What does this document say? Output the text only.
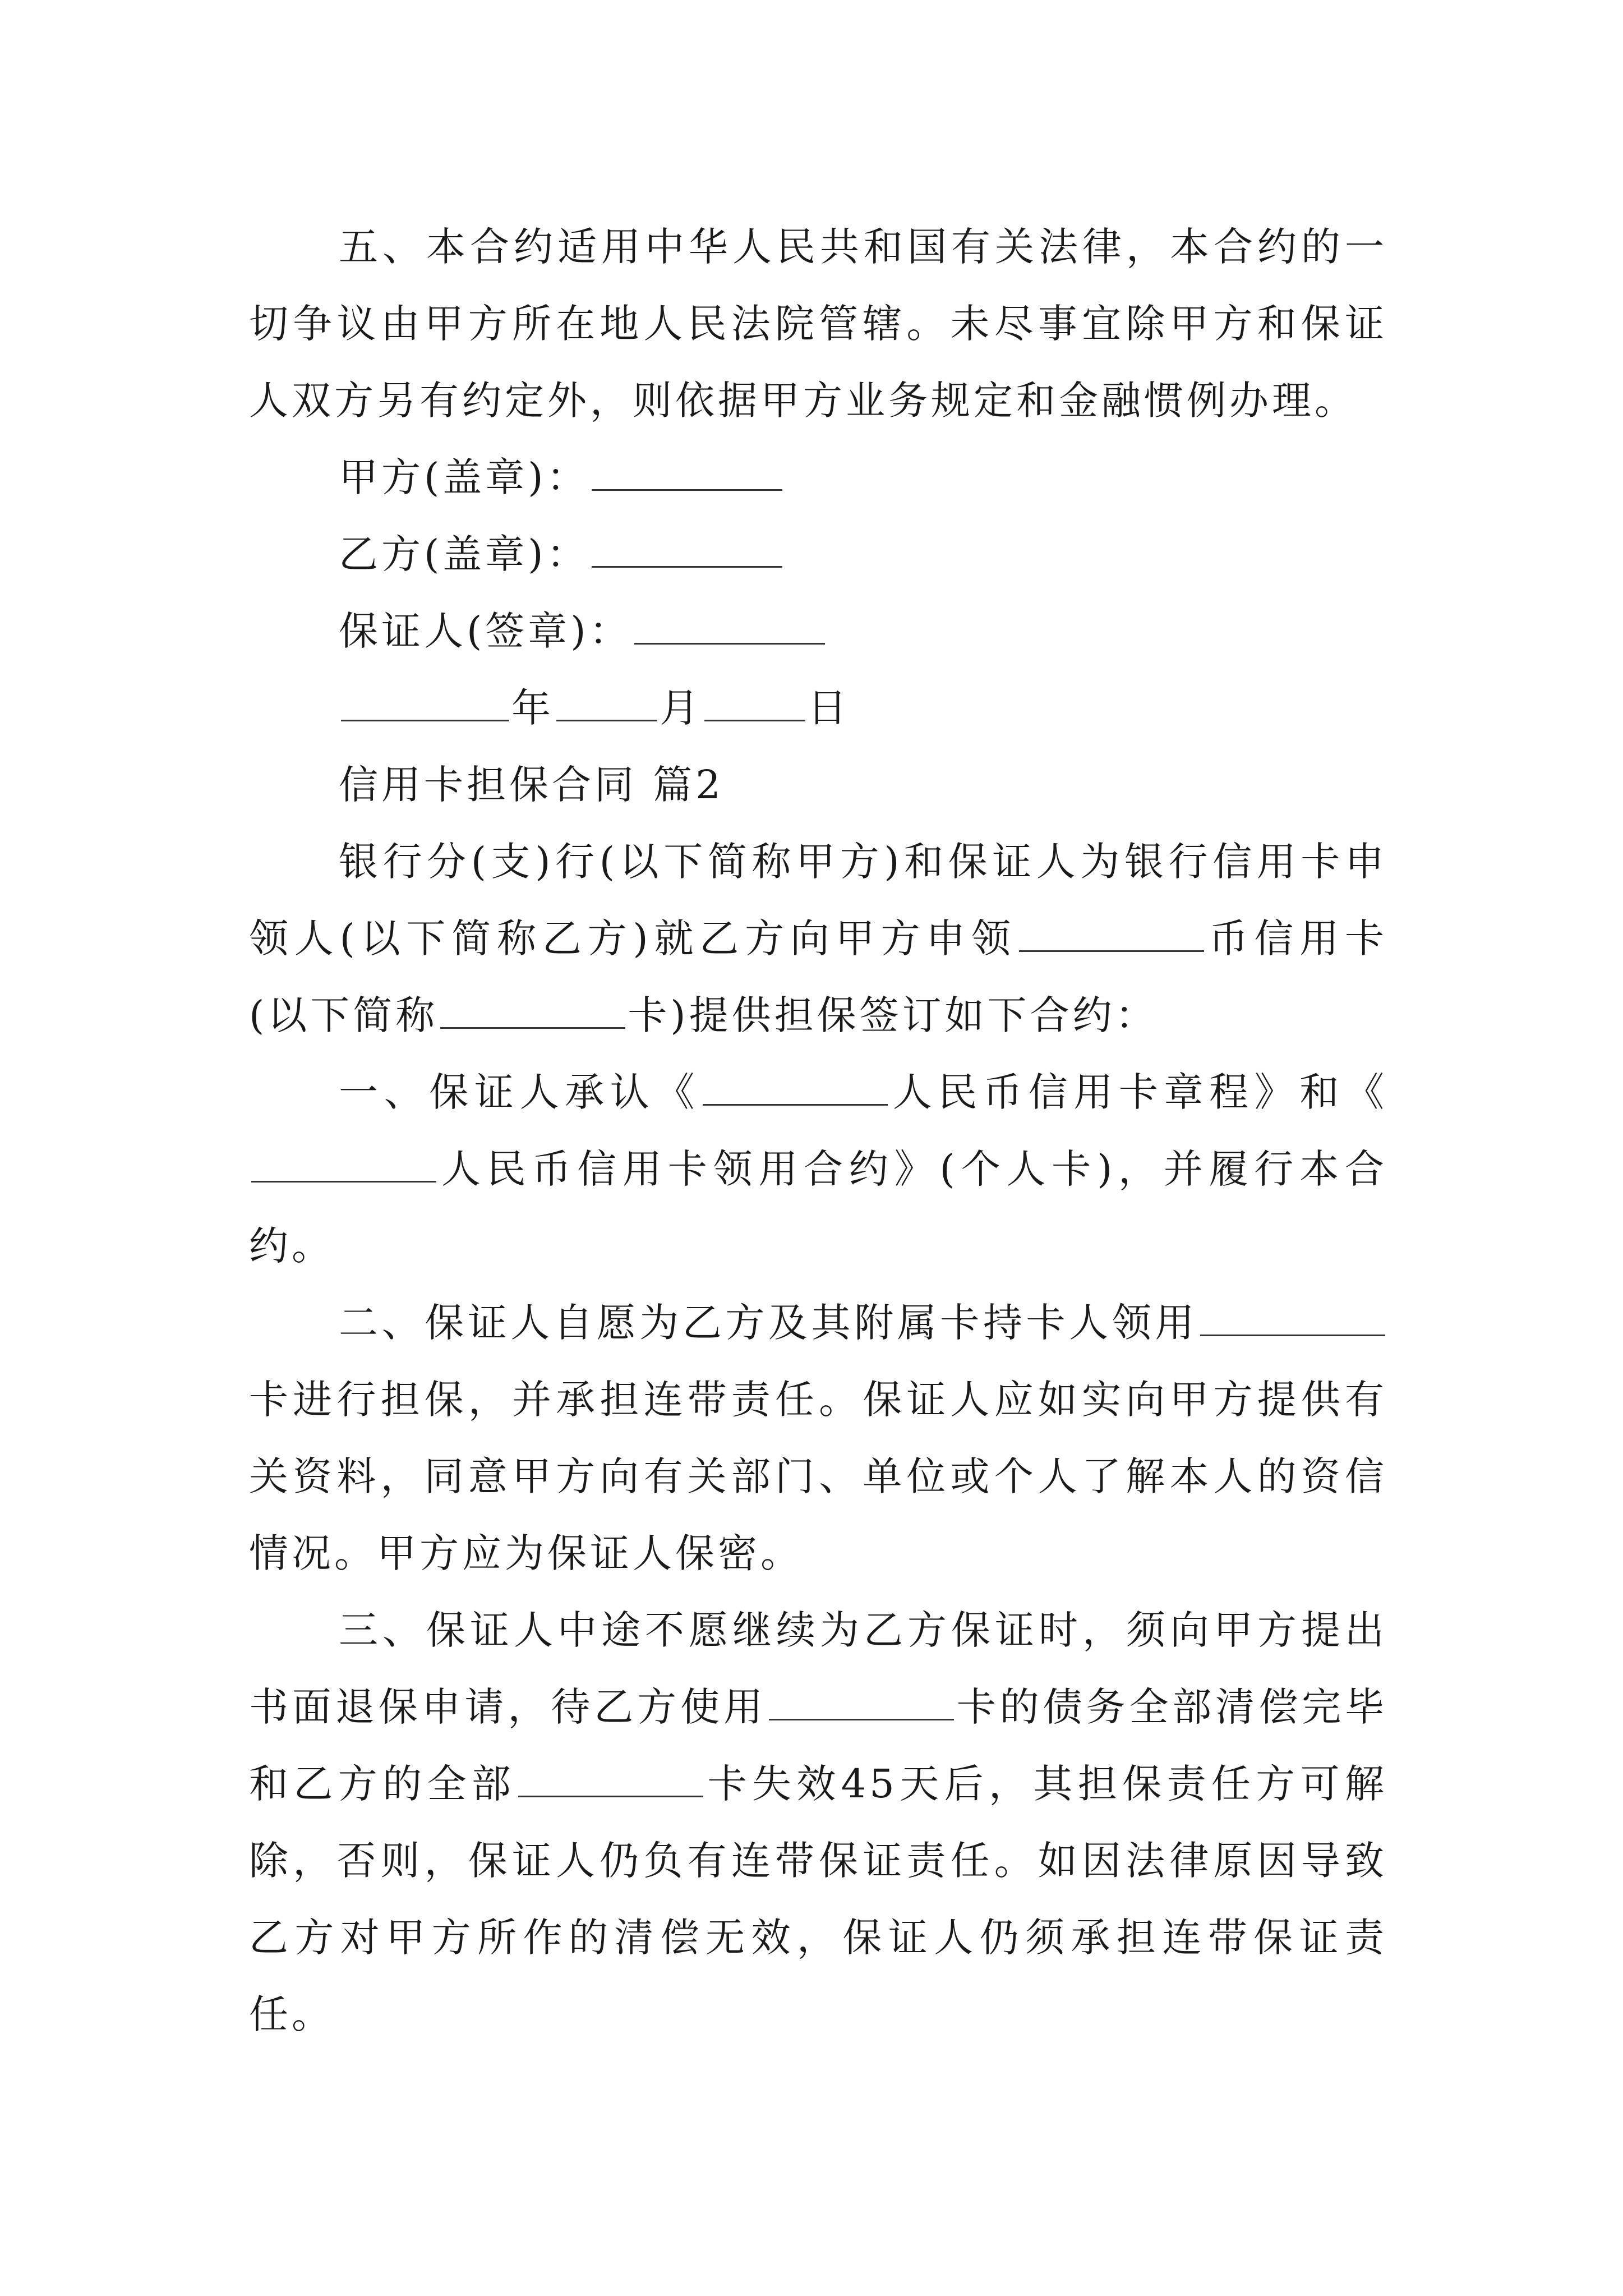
五、本合约适用中华人民共和国有关法律，本合约的一切争议由甲方所在地人民法院管辖。未尽事宜除甲方和保证人双方另有约定外，则依据甲方业务规定和金融惯例办理。

甲方(盖章)：

乙方(盖章)：

保证人(签章)：

年	月	日

信用卡担保合同 篇2

银行分(支)行(以下简称甲方)和保证人为银行信用卡申领人(以下简称乙方)就乙方向甲方申领	币信用卡(以下简称	卡)提供担保签订如下合约：

一、保证人承认《	人民币信用卡章程》和《人民币信用卡领用合约》(个人卡)，并履行本合约。

二、保证人自愿为乙方及其附属卡持卡人领用卡进行担保，并承担连带责任。保证人应如实向甲方提供有关资料，同意甲方向有关部门、单位或个人了解本人的资信情况。甲方应为保证人保密。

三、保证人中途不愿继续为乙方保证时，须向甲方提出书面退保申请，待乙方使用	卡的债务全部清偿完毕和乙方的全部	卡失效45天后，其担保责任方可解除，否则，保证人仍负有连带保证责任。如因法律原因导致乙方对甲方所作的清偿无效，保证人仍须承担连带保证责任。
